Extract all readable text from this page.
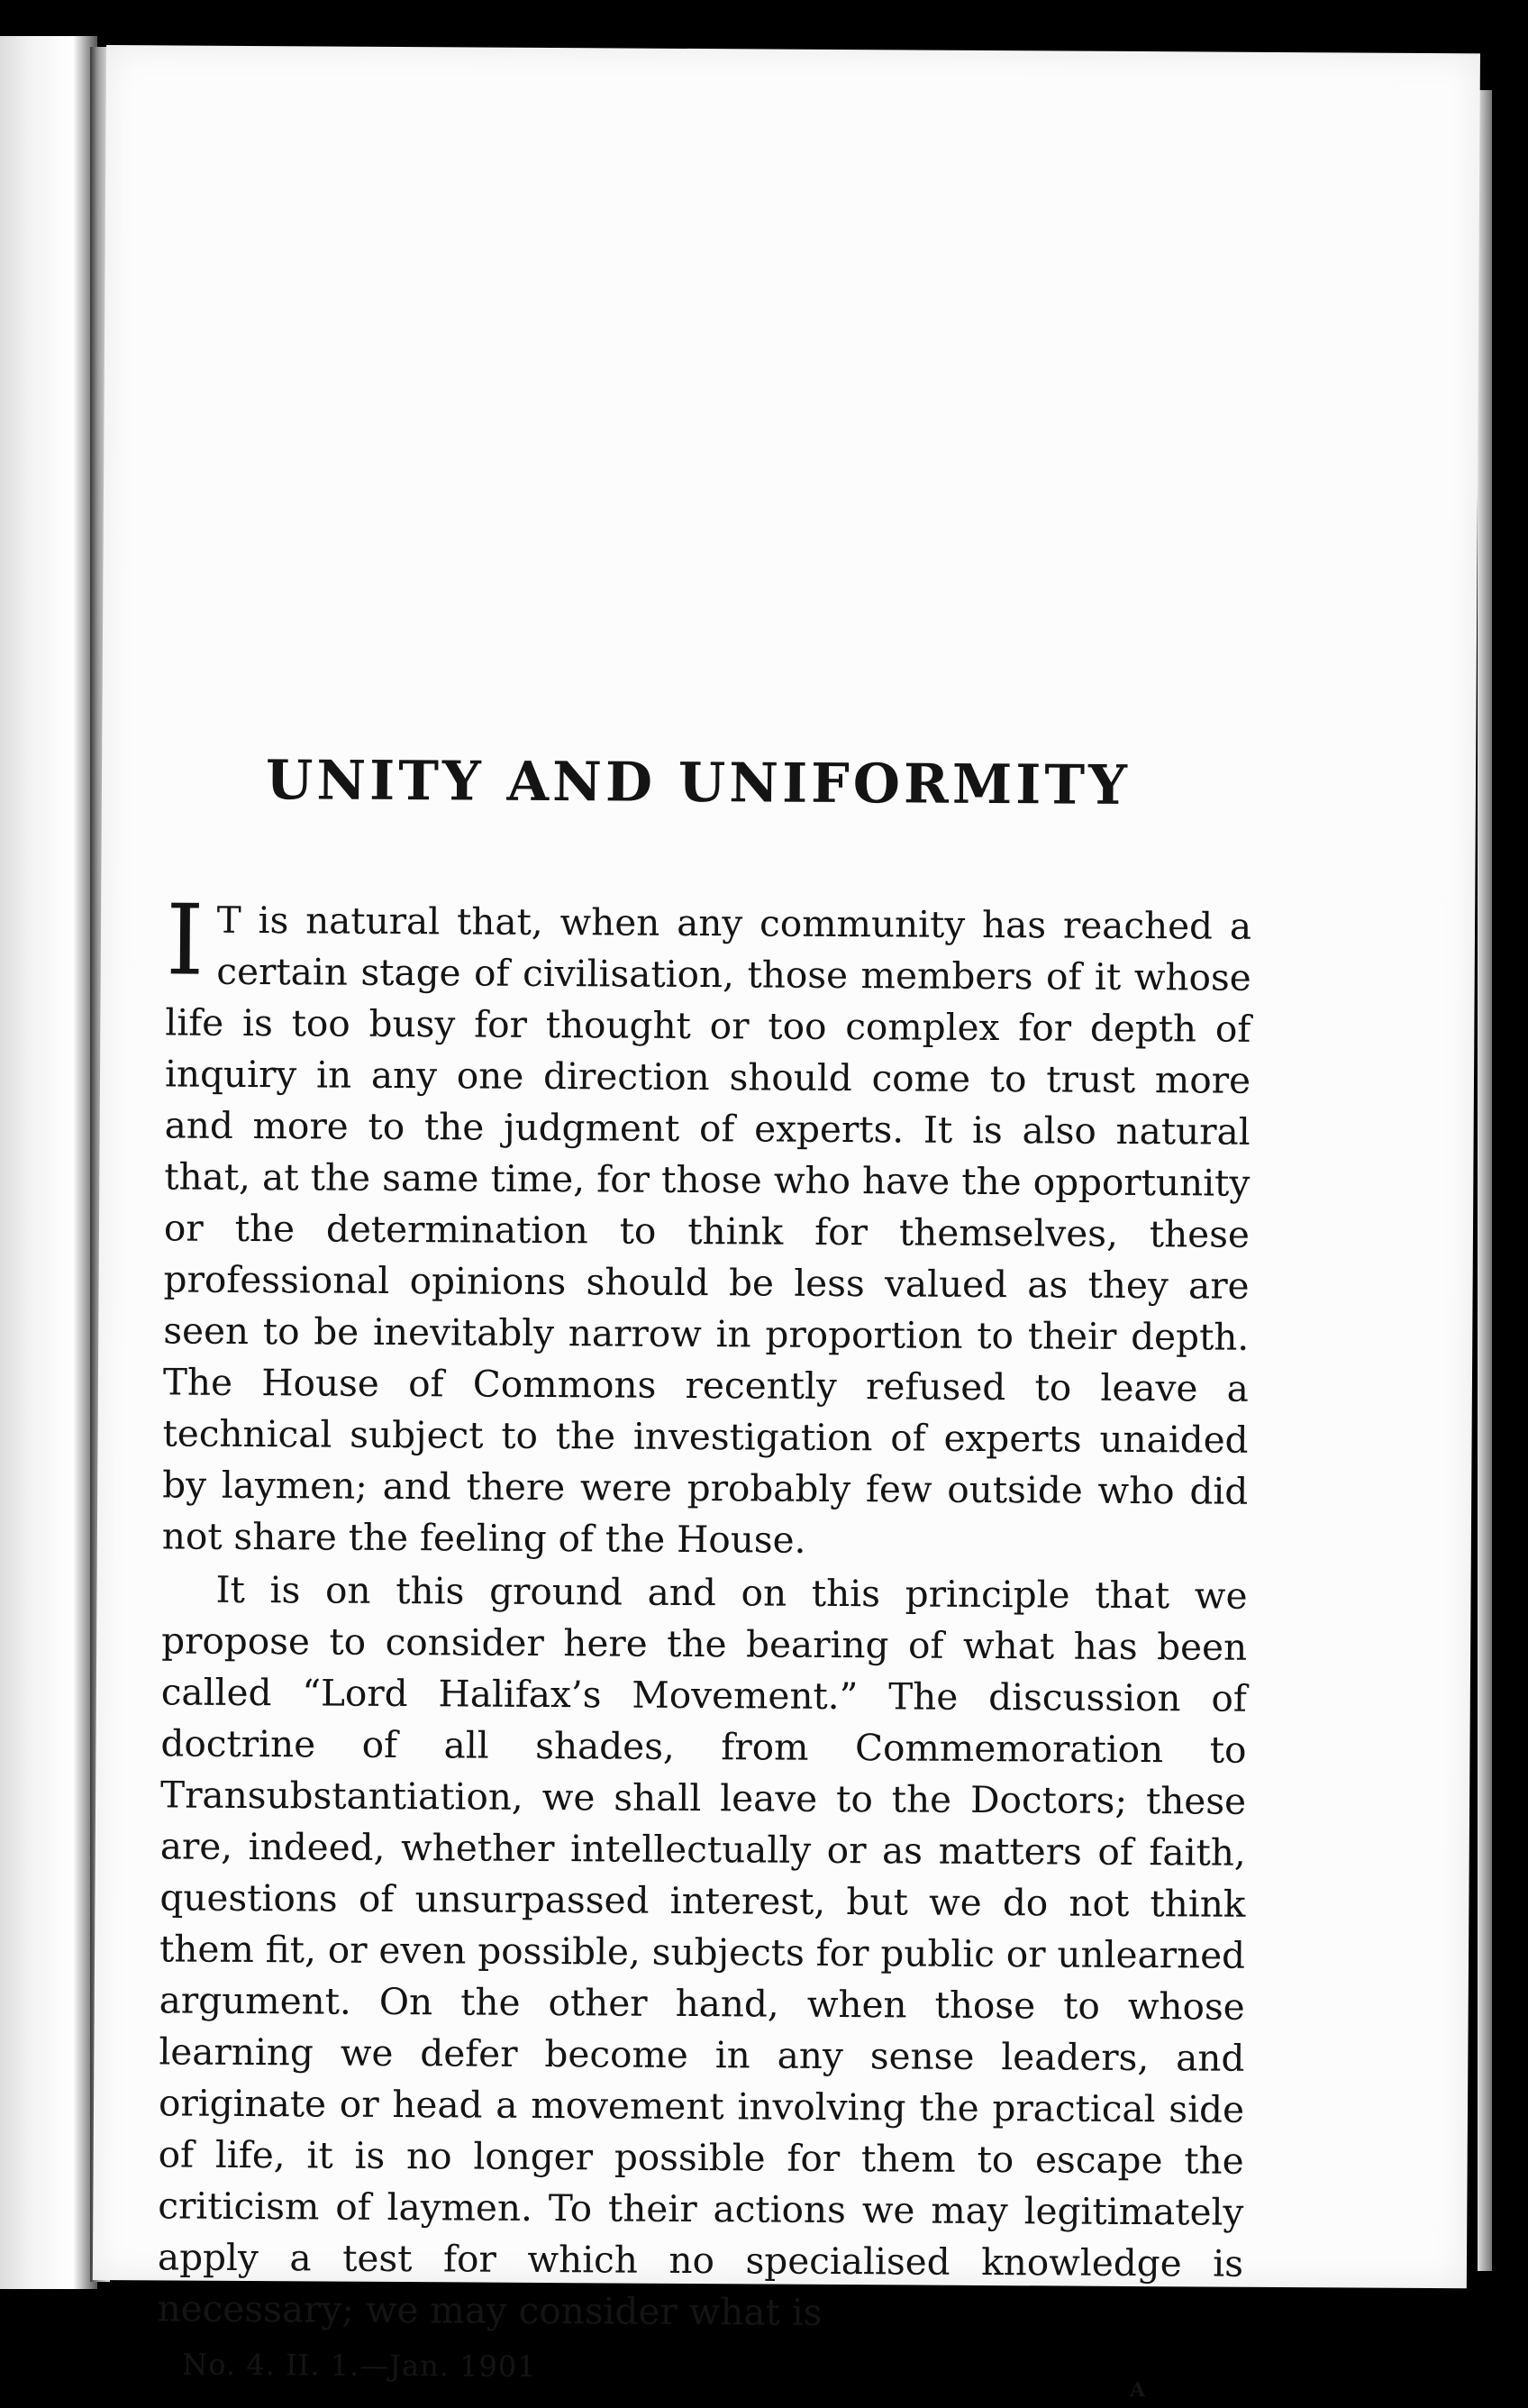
UNITY AND UNIFORMITY

I T is natural that, when any community has reached a certain stage of civilisation, those members of it whose life is too busy for thought or too complex for depth of inquiry in any one direction should come to trust more and more to the judgment of experts. It is also natural that, at the same time, for those who have the opportunity or the determination to think for themselves, these professional opinions should be less valued as they are seen to be inevitably narrow in proportion to their depth. The House of Commons recently refused to leave a technical subject to the investigation of experts unaided by laymen; and there were probably few outside who did not share the feeling of the House.

It is on this ground and on this principle that we propose to consider here the bearing of what has been called “Lord Halifax’s Movement.” The discussion of doctrine of all shades, from Commemoration to Transubstantiation, we shall leave to the Doctors; these are, indeed, whether intellectually or as matters of faith, questions of unsurpassed interest, but we do not think them fit, or even possible, subjects for public or unlearned argument. On the other hand, when those to whose learning we defer become in any sense leaders, and originate or head a movement involving the practical side of life, it is no longer possible for them to escape the criticism of laymen. To their actions we may legitimately apply a test for which no specialised knowledge is necessary; we may consider what is

No. 4. II. 1.—Jan. 1901
A
